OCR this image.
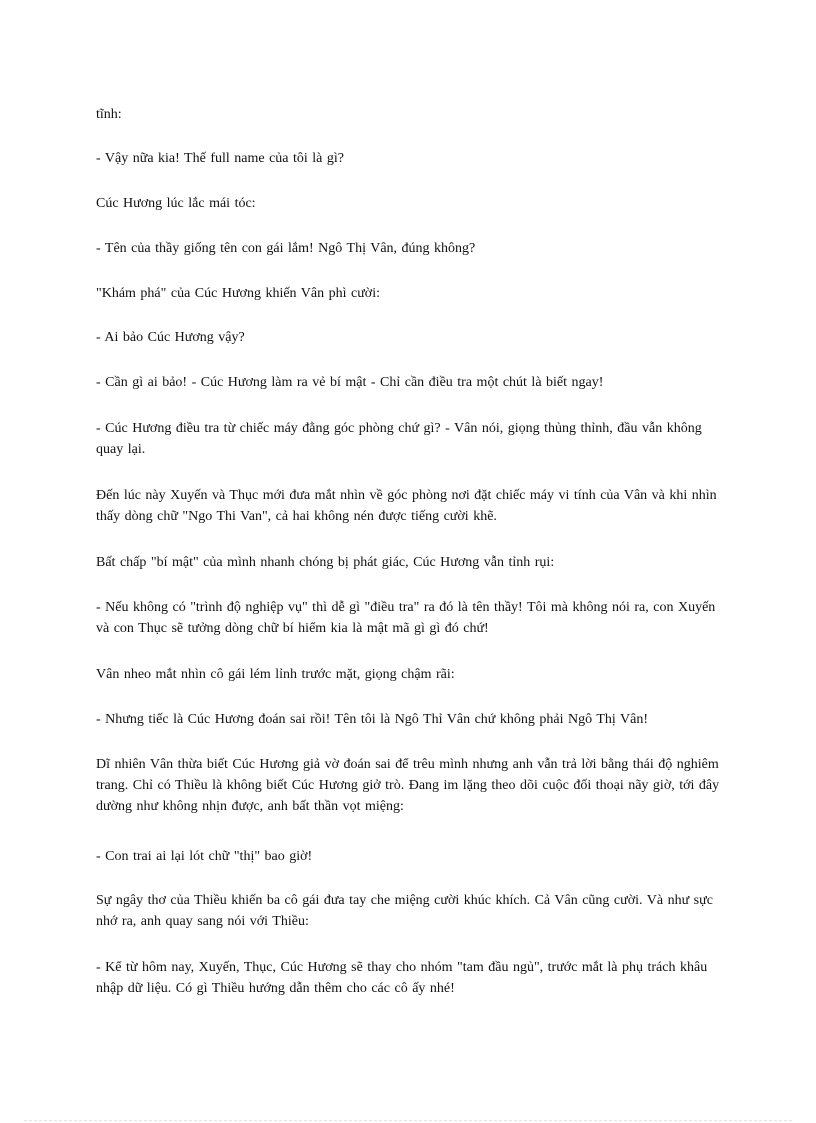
tĩnh:

- Vậy nữa kia! Thế full name của tôi là gì?

Cúc Hương lúc lắc mái tóc:

- Tên của thầy giống tên con gái lắm! Ngô Thị Vân, đúng không?

"Khám phá" của Cúc Hương khiến Vân phì cười:

- Ai bảo Cúc Hương vậy?

- Cần gì ai bảo! - Cúc Hương làm ra vẻ bí mật - Chỉ cần điều tra một chút là biết ngay!

- Cúc Hương điều tra từ chiếc máy đằng góc phòng chứ gì? - Vân nói, giọng thủng thỉnh, đầu vẫn không quay lại.

Đến lúc này Xuyến và Thục mới đưa mắt nhìn về góc phòng nơi đặt chiếc máy vi tính của Vân và khi nhìn thấy dòng chữ "Ngo Thi Van", cả hai không nén được tiếng cười khẽ.

Bất chấp "bí mật" của mình nhanh chóng bị phát giác, Cúc Hương vẫn tỉnh rụi:

- Nếu không có "trình độ nghiệp vụ" thì dễ gì "điều tra" ra đó là tên thầy! Tôi mà không nói ra, con Xuyến và con Thục sẽ tưởng dòng chữ bí hiểm kia là mật mã gì gì đó chứ!

Vân nheo mắt nhìn cô gái lém lỉnh trước mặt, giọng chậm rãi:

- Nhưng tiếc là Cúc Hương đoán sai rồi! Tên tôi là Ngô Thỉ Vân chứ không phải Ngô Thị Vân!

Dĩ nhiên Vân thừa biết Cúc Hương giả vờ đoán sai để trêu mình nhưng anh vẫn trả lời bằng thái độ nghiêm trang. Chỉ có Thiều là không biết Cúc Hương giở trò. Đang im lặng theo dõi cuộc đối thoại nãy giờ, tới đây dường như không nhịn được, anh bất thần vọt miệng:

- Con trai ai lại lót chữ "thị" bao giờ!

Sự ngây thơ của Thiều khiến ba cô gái đưa tay che miệng cười khúc khích. Cả Vân cũng cười. Và như sực nhớ ra, anh quay sang nói với Thiều:

- Kể từ hôm nay, Xuyến, Thục, Cúc Hương sẽ thay cho nhóm "tam đầu ngủ", trước mắt là phụ trách khâu nhập dữ liệu. Có gì Thiều hướng dẫn thêm cho các cô ấy nhé!
